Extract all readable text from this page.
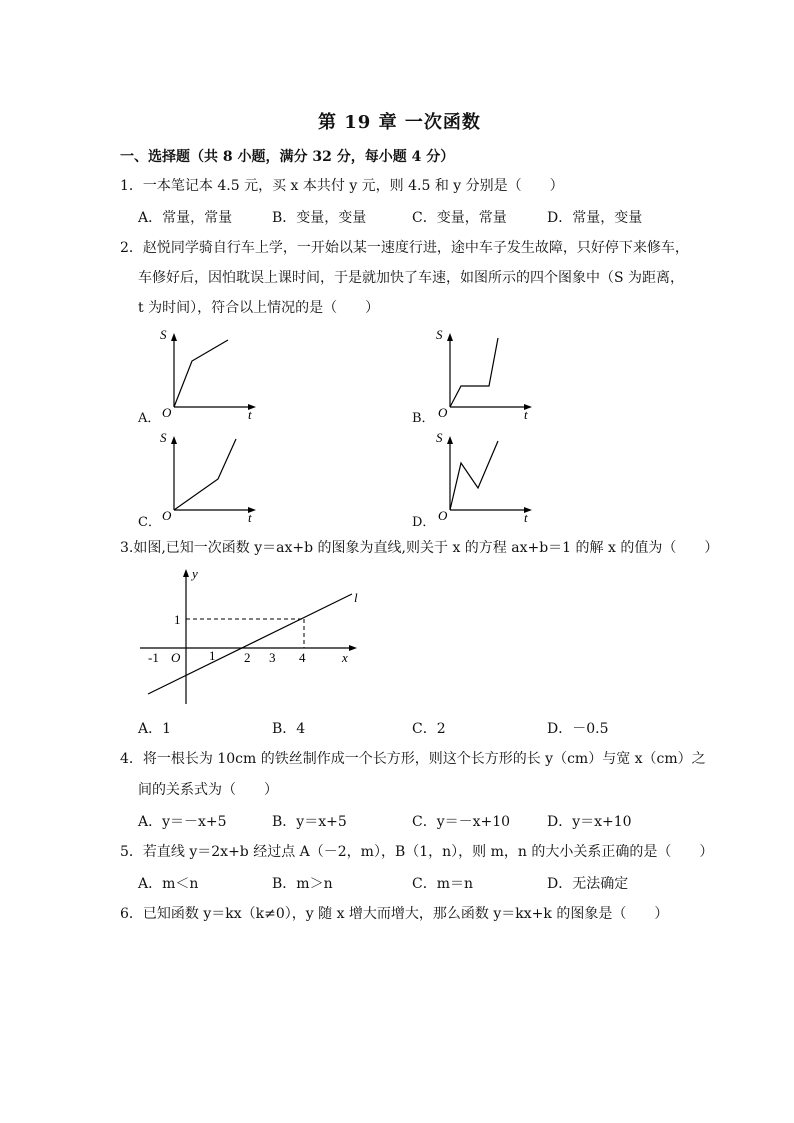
第 19 章 一次函数
一、选择题（共 8 小题，满分 32 分，每小题 4 分）
1．一本笔记本 4.5 元，买 x 本共付 y 元，则 4.5 和 y 分别是（　　）
A．常量，常量	B．变量，变量	C．变量，常量	D．常量，变量
2．赵悦同学骑自行车上学，一开始以某一速度行进，途中车子发生故障，只好停下来修车，
车修好后，因怕耽误上课时间，于是就加快了车速，如图所示的四个图象中（S 为距离，
t 为时间），符合以上情况的是（　　）
A．
S
O	t	B．
S
O	t
C．
S
O	t	D．
S
O	t
3.如图,已知一次函数 y＝ax+b 的图象为直线,则关于 x 的方程 ax+b＝1 的解 x 的值为（　　）
y
x
l
O
1
-1	1 2 3 4
A．1	B．4	C．2	D．－0.5
4．将一根长为 10cm 的铁丝制作成一个长方形，则这个长方形的长 y（cm）与宽 x（cm）之
间的关系式为（　　）
A．y＝－x+5	B．y＝x+5	C．y＝－x+10	D．y＝x+10
5．若直线 y＝2x+b 经过点 A（－2，m），B（1，n），则 m，n 的大小关系正确的是（　　）
A．m＜n	B．m＞n	C．m＝n	D．无法确定
6．已知函数 y＝kx（k≠0），y 随 x 增大而增大，那么函数 y＝kx+k 的图象是（　　）
